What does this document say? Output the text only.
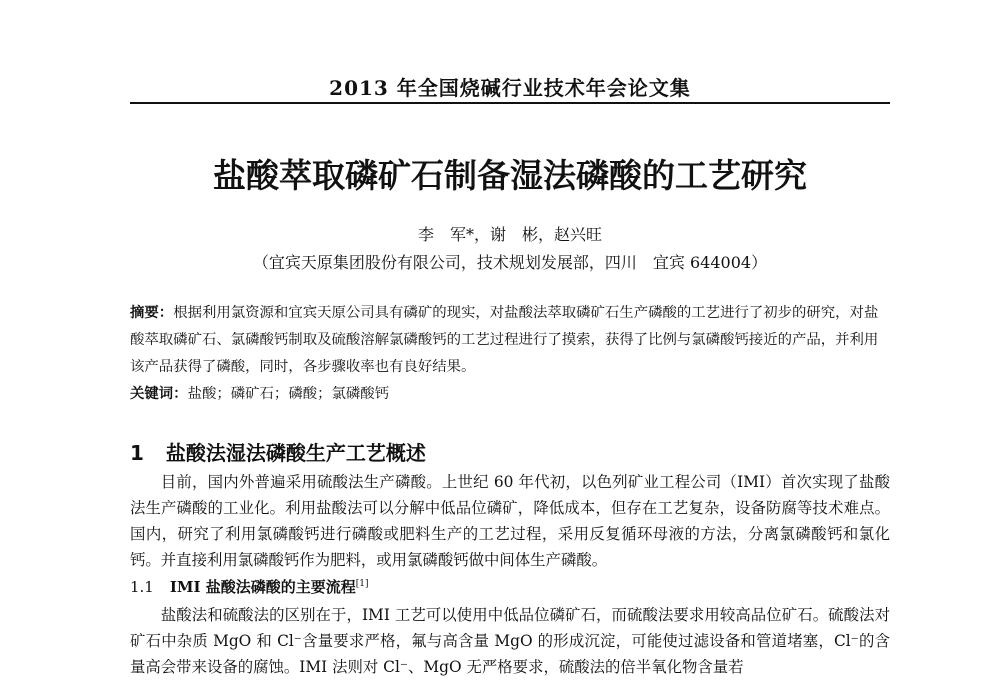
2013 年全国烧碱行业技术年会论文集
盐酸萃取磷矿石制备湿法磷酸的工艺研究
李　军*，谢　彬，赵兴旺
（宜宾天原集团股份有限公司，技术规划发展部，四川　宜宾 644004）

摘要：根据利用氯资源和宜宾天原公司具有磷矿的现实，对盐酸法萃取磷矿石生产磷酸的工艺进行了初步的研究，对盐酸萃取磷矿石、氯磷酸钙制取及硫酸溶解氯磷酸钙的工艺过程进行了摸索，获得了比例与氯磷酸钙接近的产品，并利用该产品获得了磷酸，同时，各步骤收率也有良好结果。

关键词：盐酸；磷矿石；磷酸；氯磷酸钙

1 盐酸法湿法磷酸生产工艺概述

目前，国内外普遍采用硫酸法生产磷酸。上世纪 60 年代初，以色列矿业工程公司（IMI）首次实现了盐酸法生产磷酸的工业化。利用盐酸法可以分解中低品位磷矿，降低成本，但存在工艺复杂，设备防腐等技术难点。国内，研究了利用氯磷酸钙进行磷酸或肥料生产的工艺过程，采用反复循环母液的方法，分离氯磷酸钙和氯化钙。并直接利用氯磷酸钙作为肥料，或用氯磷酸钙做中间体生产磷酸。

1.1 IMI 盐酸法磷酸的主要流程[1]

盐酸法和硫酸法的区别在于，IMI 工艺可以使用中低品位磷矿石，而硫酸法要求用较高品位矿石。硫酸法对矿石中杂质 MgO 和 Cl⁻含量要求严格，氟与高含量 MgO 的形成沉淀，可能使过滤设备和管道堵塞，Cl⁻的含量高会带来设备的腐蚀。IMI 法则对 Cl⁻、MgO 无严格要求，硫酸法的倍半氧化物含量若
